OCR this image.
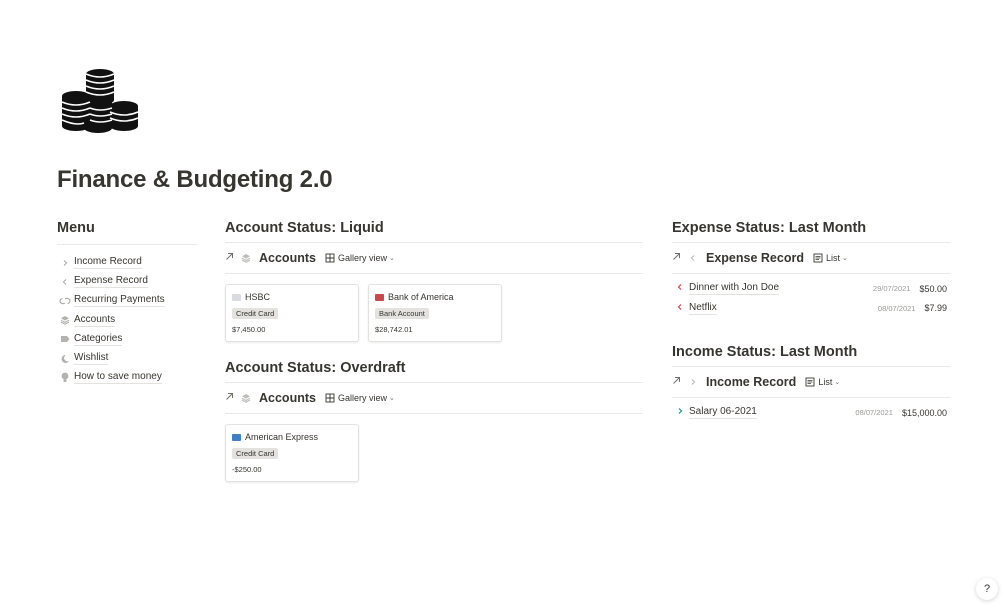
Finance & Budgeting 2.0
Menu
Income Record
Expense Record
Recurring Payments
Accounts
Categories
Wishlist
How to save money
Account Status: Liquid
Accounts Gallery view ⌄
HSBC
Credit Card
$7,450.00
Bank of America
Bank Account
$28,742.01
Account Status: Overdraft
Accounts Gallery view ⌄
American Express
Credit Card
-$250.00
Expense Status: Last Month
Expense Record List ⌄
Dinner with Jon Doe	29/07/2021 $50.00
Netflix	08/07/2021 $7.99
Income Status: Last Month
Income Record List ⌄
Salary 06-2021	08/07/2021 $15,000.00
?
